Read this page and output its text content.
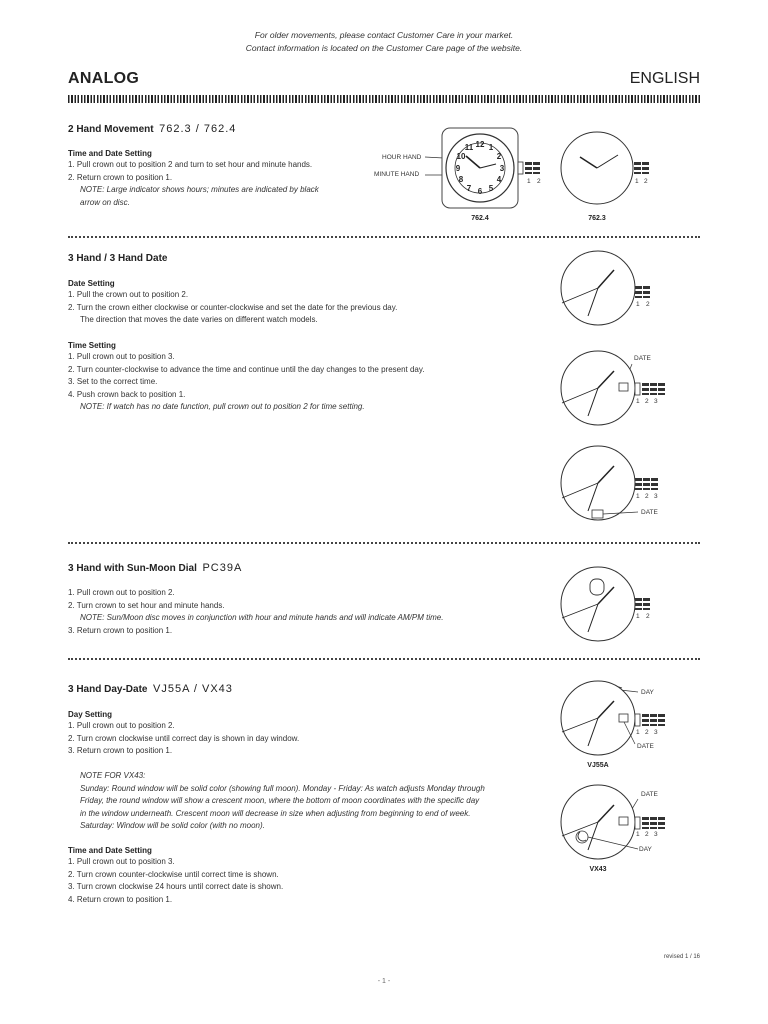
For older movements, please contact Customer Care in your market.
Contact information is located on the Customer Care page of the website.
ANALOG	ENGLISH
2 Hand Movement 762.3 / 762.4
Time and Date Setting
1. Pull crown out to position 2 and turn to set hour and minute hands.
2. Return crown to position 1.
NOTE: Large indicator shows hours; minutes are indicated by black
arrow on disc.
HOUR HAND
MINUTE HAND
12 1
2
3
4
5
6
7
8
9
10
11
1 2
762.4
1 2
762.3
3 Hand / 3 Hand Date
Date Setting
1. Pull the crown out to position 2.
2. Turn the crown either clockwise or counter-clockwise and set the date for the previous day.
The direction that moves the date varies on different watch models.
Time Setting
1. Pull crown out to position 3.
2. Turn counter-clockwise to advance the time and continue until the day changes to the present day.
3. Set to the correct time.
4. Push crown back to position 1.
NOTE: If watch has no date function, pull crown out to position 2 for time setting.
1 2
DATE
1 2 3
DATE
1 2 3
3 Hand with Sun-Moon Dial PC39A
1. Pull crown out to position 2.
2. Turn crown to set hour and minute hands.
NOTE: Sun/Moon disc moves in conjunction with hour and minute hands and will indicate AM/PM time.
3. Return crown to position 1.
1 2
3 Hand Day-Date VJ55A / VX43
Day Setting
1. Pull crown out to position 2.
2. Turn crown clockwise until correct day is shown in day window.
3. Return crown to position 1.
NOTE FOR VX43:
Sunday: Round window will be solid color (showing full moon). Monday - Friday: As watch adjusts Monday through
Friday, the round window will show a crescent moon, where the bottom of moon coordinates with the specific day
in the window underneath. Crescent moon will decrease in size when adjusting from beginning to end of week.
Saturday: Window will be solid color (with no moon).
Time and Date Setting
1. Pull crown out to position 3.
2. Turn crown counter-clockwise until correct time is shown.
3. Turn crown clockwise 24 hours until correct date is shown.
4. Return crown to position 1.
DAY
DATE
1 2 3
VJ55A
DATE
DAY
1 2 3
VX43
revised 1 / 16
- 1 -
